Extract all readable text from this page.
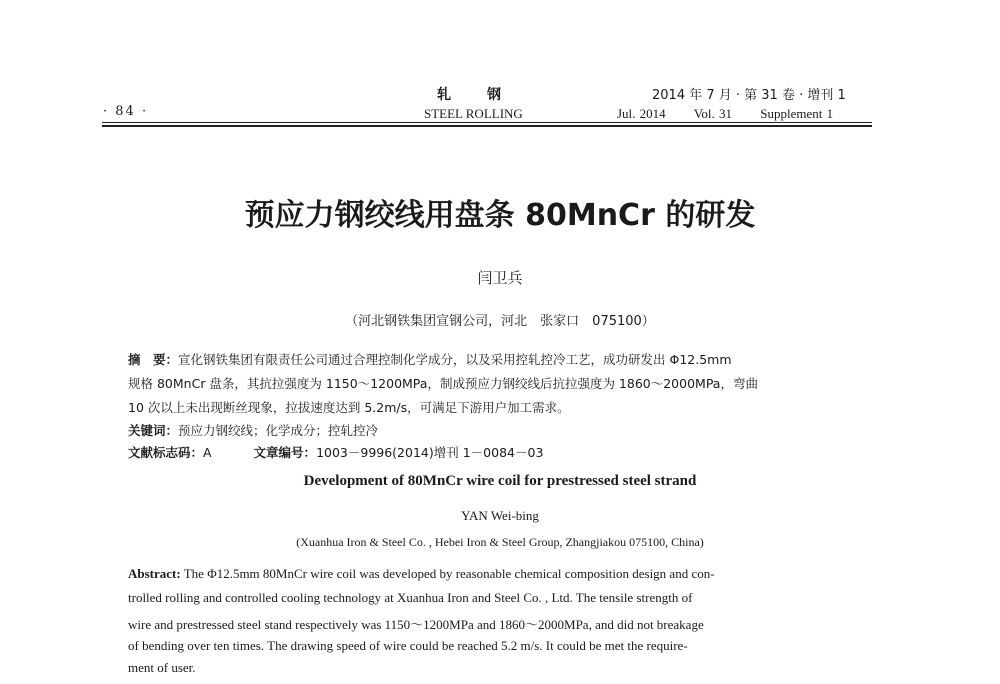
· 84 ·
轧钢
STEEL ROLLING
2014 年 7 月 · 第 31 卷 · 增刊 1
Jul. 2014 Vol. 31 Supplement 1
预应力钢绞线用盘条 80MnCr 的研发
闫卫兵
（河北钢铁集团宣钢公司，河北　张家口　075100）
摘　要：宣化钢铁集团有限责任公司通过合理控制化学成分，以及采用控轧控冷工艺，成功研发出 Φ12.5mm
规格 80MnCr 盘条，其抗拉强度为 1150～1200MPa，制成预应力钢绞线后抗拉强度为 1860～2000MPa，弯曲
10 次以上未出现断丝现象，拉拔速度达到 5.2m/s，可满足下游用户加工需求。
关键词：预应力钢绞线；化学成分；控轧控冷
文献标志码：A	文章编号：1003－9996(2014)增刊 1－0084－03
Development of 80MnCr wire coil for prestressed steel strand
YAN Wei-bing
(Xuanhua Iron & Steel Co. , Hebei Iron & Steel Group, Zhangjiakou 075100, China)
Abstract: The Φ12.5mm 80MnCr wire coil was developed by reasonable chemical composition design and con-
trolled rolling and controlled cooling technology at Xuanhua Iron and Steel Co. , Ltd. The tensile strength of
wire and prestressed steel stand respectively was 1150～1200MPa and 1860～2000MPa, and did not breakage
of bending over ten times. The drawing speed of wire could be reached 5.2 m/s. It could be met the require-
ment of user.
